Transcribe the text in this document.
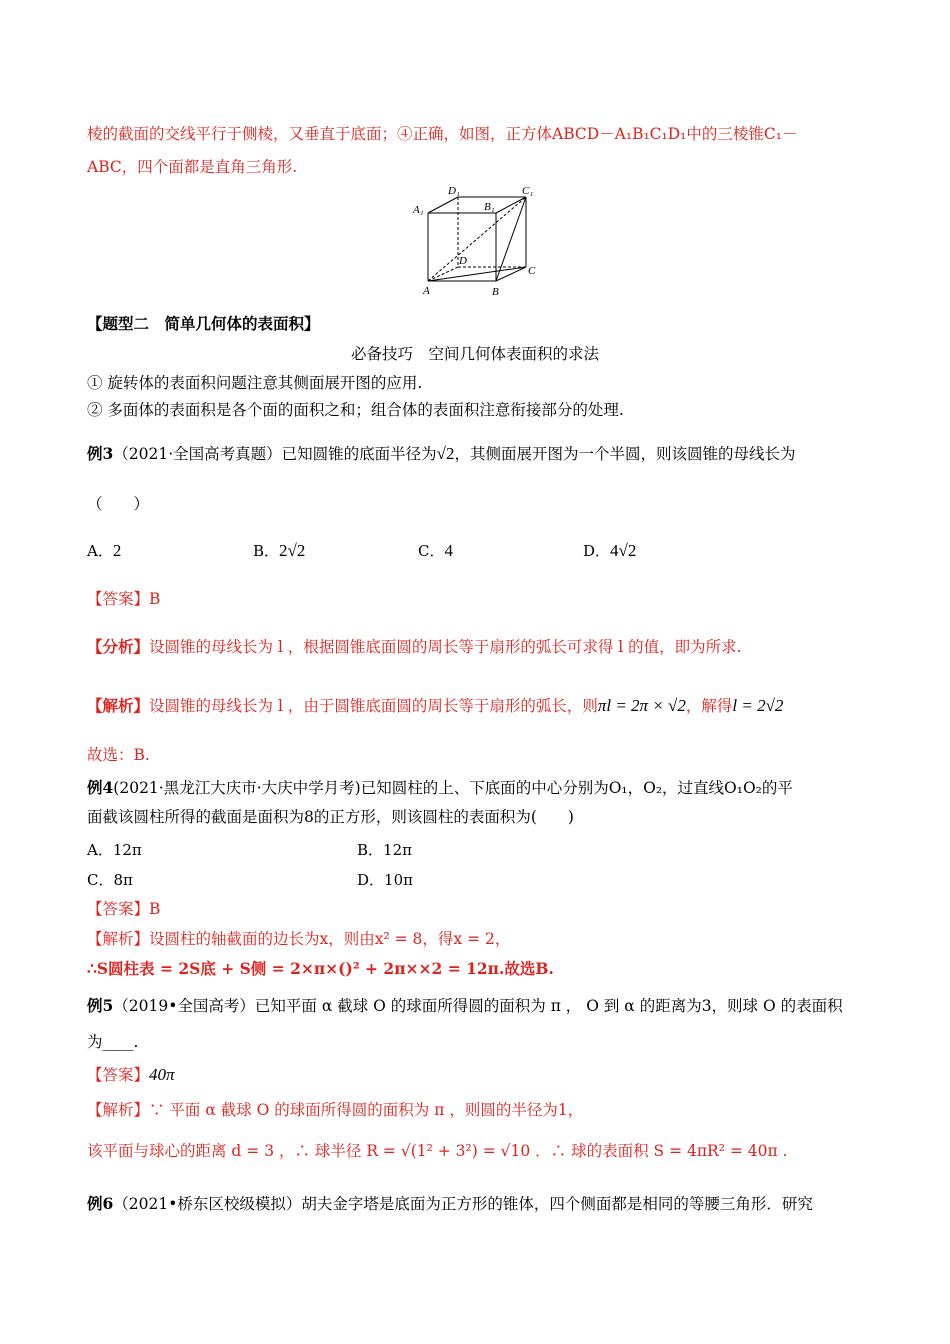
棱的截面的交线平行于侧棱，又垂直于底面；④正确，如图，正方体ABCD－A₁B₁C₁D₁中的三棱锥C₁－
ABC，四个面都是直角三角形.
D₁	C₁
A₁	B₁
D
C
A	B
【题型二　简单几何体的表面积】
必备技巧　空间几何体表面积的求法
① 旋转体的表面积问题注意其侧面展开图的应用.
② 多面体的表面积是各个面的面积之和；组合体的表面积注意衔接部分的处理.
例3（2021·全国高考真题）已知圆锥的底面半径为√2，其侧面展开图为一个半圆，则该圆锥的母线长为
（　　）
A．2	B．2√2	C．4	D．4√2
【答案】B
【分析】设圆锥的母线长为 l ，根据圆锥底面圆的周长等于扇形的弧长可求得 l 的值，即为所求.
【解析】设圆锥的母线长为 l ，由于圆锥底面圆的周长等于扇形的弧长，则πl = 2π × √2，解得l = 2√2
故选：B.
例4(2021·黑龙江大庆市·大庆中学月考)已知圆柱的上、下底面的中心分别为O₁，O₂，过直线O₁O₂的平
面截该圆柱所得的截面是面积为8的正方形，则该圆柱的表面积为(　　)
A．12π	B．12π
C．8π	D．10π
【答案】B
【解析】设圆柱的轴截面的边长为x，则由x² = 8，得x = 2，
∴S圆柱表 = 2S底 + S侧 = 2×π×()² + 2π××2 = 12π.故选B.
例5（2019•全国高考）已知平面 α 截球 O 的球面所得圆的面积为 π ， O 到 α 的距离为3，则球 O 的表面积
为____.
【答案】40π
【解析】∵ 平面 α 截球 O 的球面所得圆的面积为 π ，则圆的半径为1，
该平面与球心的距离 d = 3 ，∴ 球半径 R = √(1² + 3²) = √10 ．∴ 球的表面积 S = 4πR² = 40π .
例6（2021•桥东区校级模拟）胡夫金字塔是底面为正方形的锥体，四个侧面都是相同的等腰三角形．研究
